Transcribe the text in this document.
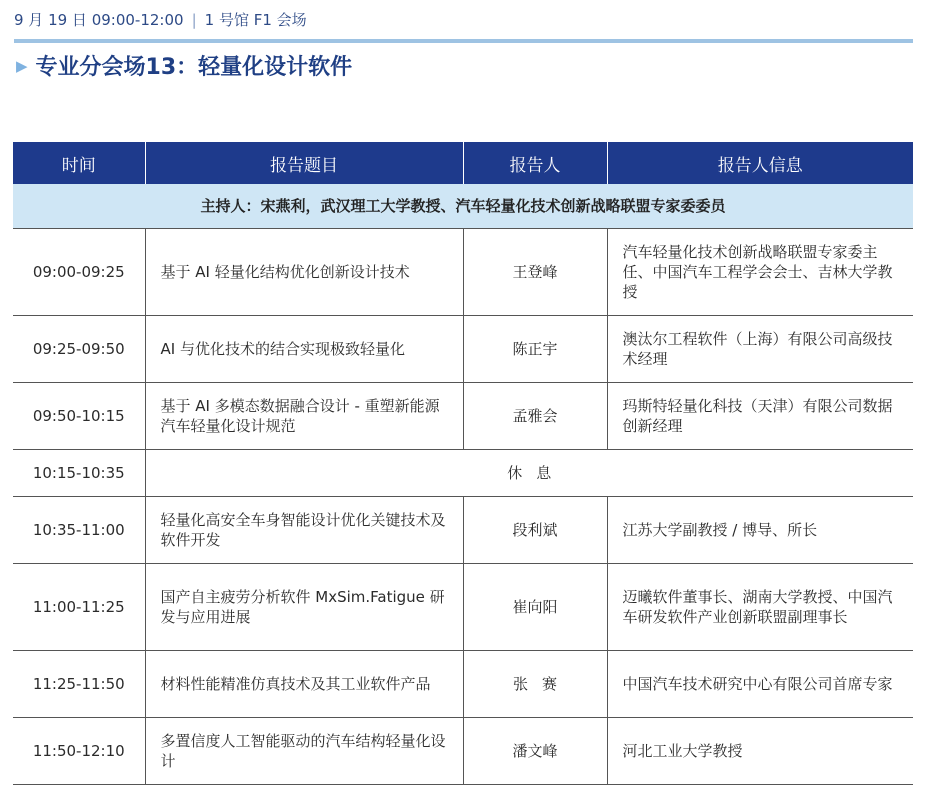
9 月 19 日 09:00-12:00 | 1 号馆 F1 会场
▶ 专业分会场13：轻量化设计软件
时间	报告题目	报告人	报告人信息
主持人：宋燕利，武汉理工大学教授、汽车轻量化技术创新战略联盟专家委委员			
09:00-09:25	基于 AI 轻量化结构优化创新设计技术	王登峰	汽车轻量化技术创新战略联盟专家委主任、中国汽车工程学会会士、吉林大学教授
09:25-09:50	AI 与优化技术的结合实现极致轻量化	陈正宇	澳汰尔工程软件（上海）有限公司高级技术经理
09:50-10:15	基于 AI 多模态数据融合设计 - 重塑新能源汽车轻量化设计规范	孟雅会	玛斯特轻量化科技（天津）有限公司数据创新经理
10:15-10:35	休息		
10:35-11:00	轻量化高安全车身智能设计优化关键技术及软件开发	段利斌	江苏大学副教授 / 博导、所长
11:00-11:25	国产自主疲劳分析软件 MxSim.Fatigue 研发与应用进展	崔向阳	迈曦软件董事长、湖南大学教授、中国汽车研发软件产业创新联盟副理事长
11:25-11:50	材料性能精准仿真技术及其工业软件产品	张赛	中国汽车技术研究中心有限公司首席专家
11:50-12:10	多置信度人工智能驱动的汽车结构轻量化设计	潘文峰	河北工业大学教授
